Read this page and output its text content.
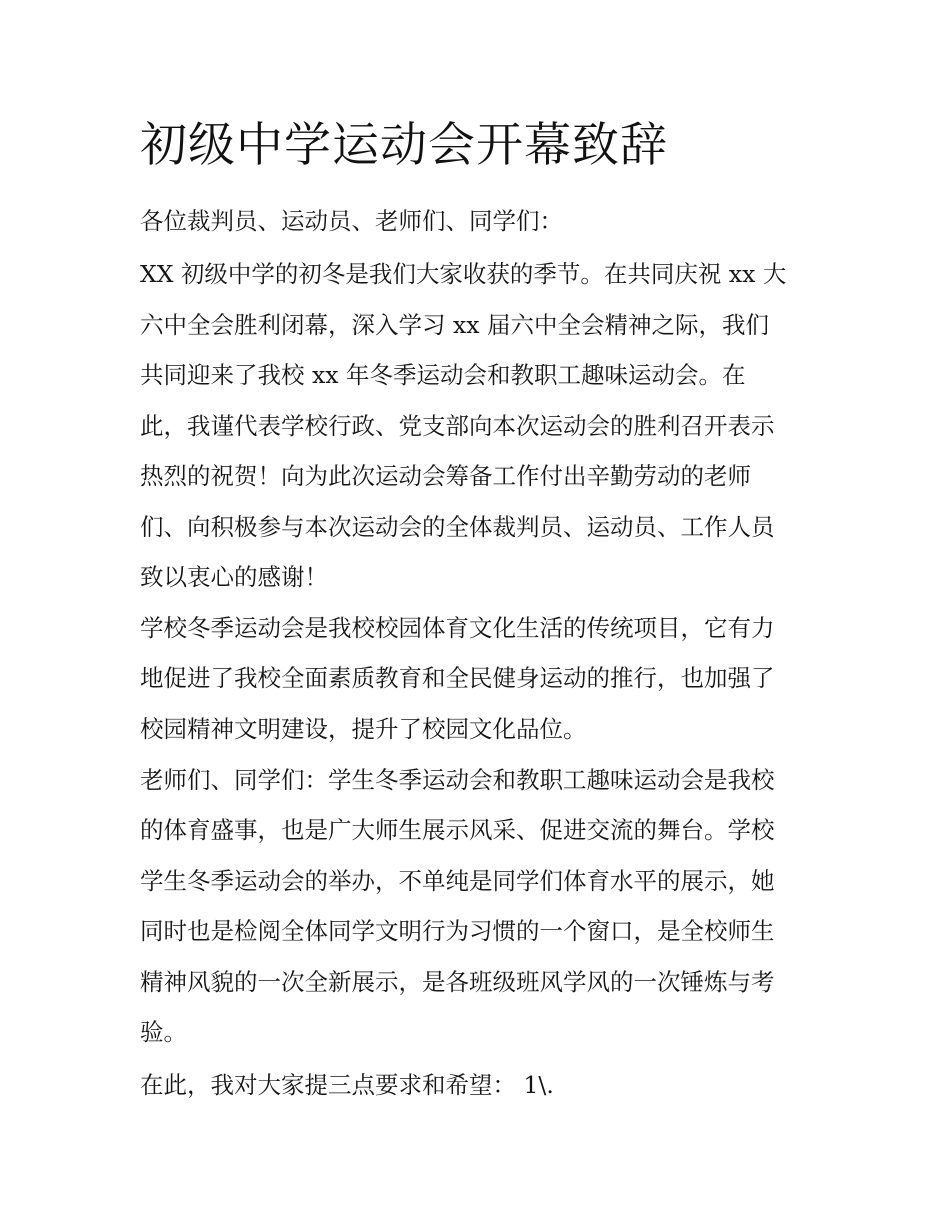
初级中学运动会开幕致辞

各位裁判员、运动员、老师们、同学们：

XX 初级中学的初冬是我们大家收获的季节。在共同庆祝 xx 大

六中全会胜利闭幕，深入学习 xx 届六中全会精神之际，我们

共同迎来了我校 xx 年冬季运动会和教职工趣味运动会。在

此，我谨代表学校行政、党支部向本次运动会的胜利召开表示

热烈的祝贺！向为此次运动会筹备工作付出辛勤劳动的老师

们、向积极参与本次运动会的全体裁判员、运动员、工作人员

致以衷心的感谢！

学校冬季运动会是我校校园体育文化生活的传统项目，它有力

地促进了我校全面素质教育和全民健身运动的推行，也加强了

校园精神文明建设，提升了校园文化品位。

老师们、同学们：学生冬季运动会和教职工趣味运动会是我校

的体育盛事，也是广大师生展示风采、促进交流的舞台。学校

学生冬季运动会的举办，不单纯是同学们体育水平的展示，她

同时也是检阅全体同学文明行为习惯的一个窗口，是全校师生

精神风貌的一次全新展示，是各班级班风学风的一次锤炼与考

验。

在此，我对大家提三点要求和希望： 1\.
